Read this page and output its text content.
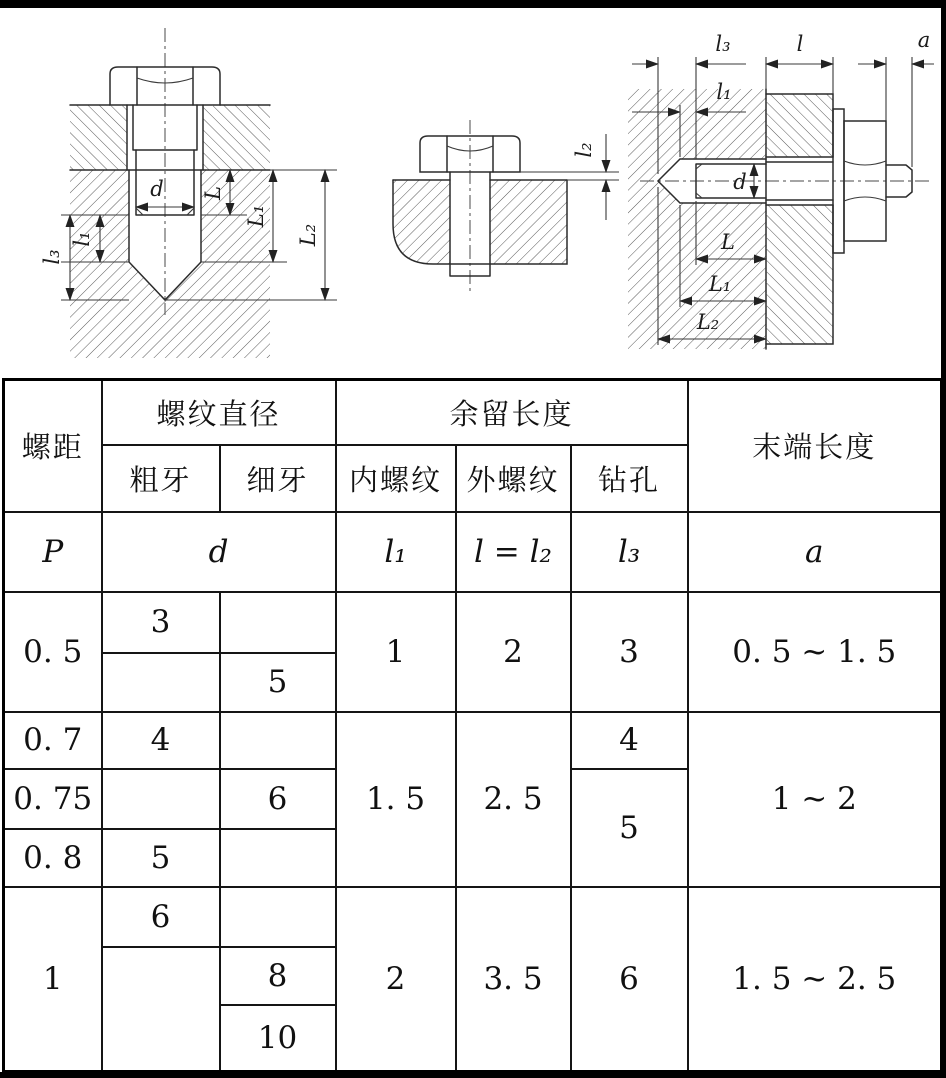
d L
L₁
L₂
l₁
l₃
l₂
d
l₃	l	a
l₁
L
L₁
L₂
螺距	螺纹直径		余留长度			末端长度
	粗牙	细牙	内螺纹	外螺纹	钻孔	
P	d		l₁	l = l₂	l₃	a
0. 5	3		1	2	3	0. 5 ~ 1. 5
		5				
0. 7	4		1. 5	2. 5	4	1 ~ 2
0. 75		6			5	
0. 8	5					
1	6		2	3. 5	6	1. 5 ~ 2. 5
		8				
		10				
